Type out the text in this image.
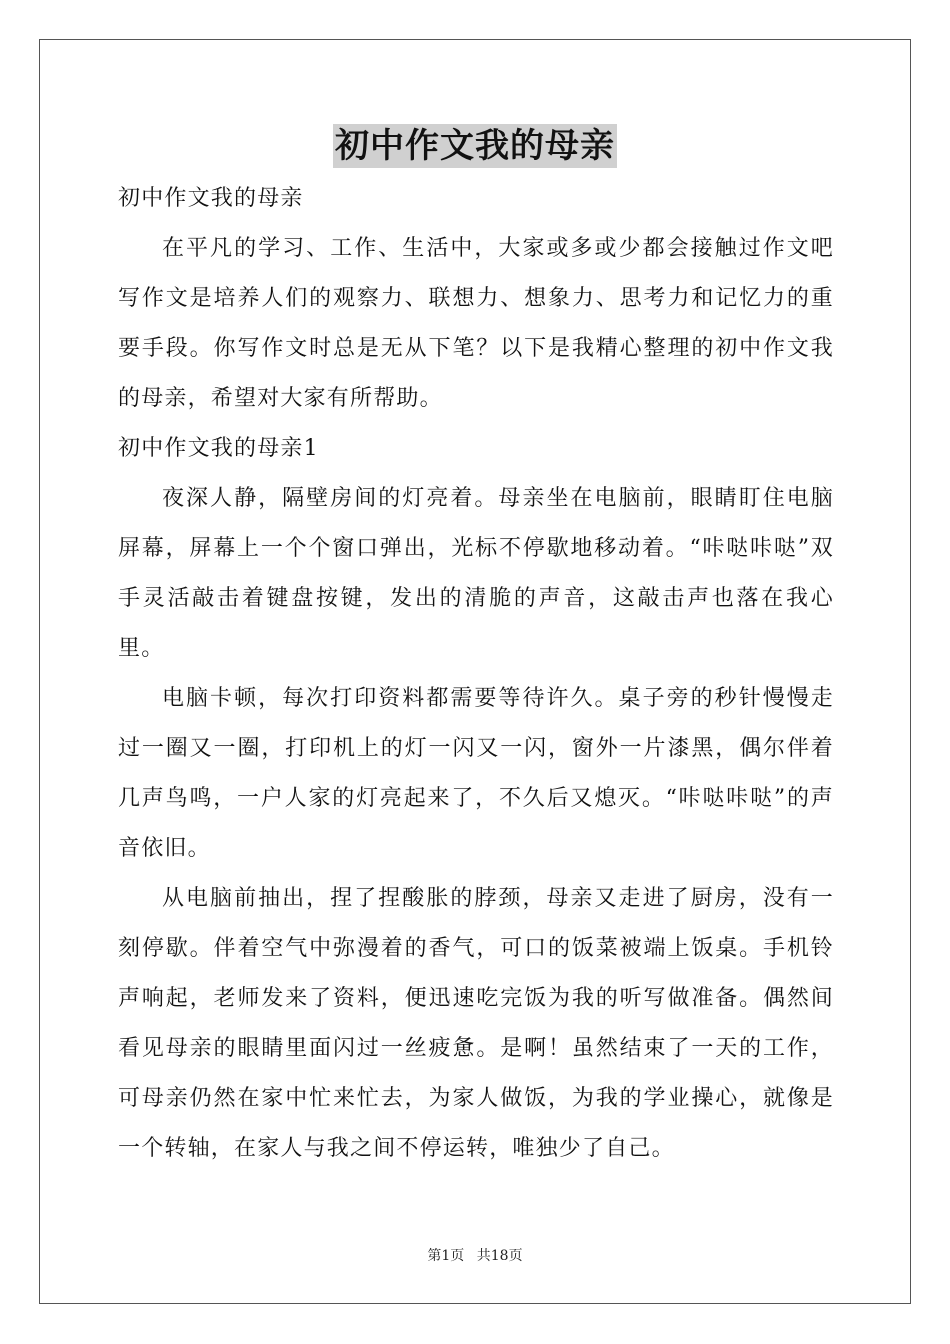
初中作文我的母亲

初中作文我的母亲

在平凡的学习、工作、生活中，大家或多或少都会接触过作文吧写作文是培养人们的观察力、联想力、想象力、思考力和记忆力的重要手段。你写作文时总是无从下笔？以下是我精心整理的初中作文我的母亲，希望对大家有所帮助。

初中作文我的母亲1

夜深人静，隔壁房间的灯亮着。母亲坐在电脑前，眼睛盯住电脑屏幕，屏幕上一个个窗口弹出，光标不停歇地移动着。“咔哒咔哒”双手灵活敲击着键盘按键，发出的清脆的声音，这敲击声也落在我心里。

电脑卡顿，每次打印资料都需要等待许久。桌子旁的秒针慢慢走过一圈又一圈，打印机上的灯一闪又一闪，窗外一片漆黑，偶尔伴着几声鸟鸣，一户人家的灯亮起来了，不久后又熄灭。“咔哒咔哒”的声音依旧。

从电脑前抽出，捏了捏酸胀的脖颈，母亲又走进了厨房，没有一刻停歇。伴着空气中弥漫着的香气，可口的饭菜被端上饭桌。手机铃声响起，老师发来了资料，便迅速吃完饭为我的听写做准备。偶然间看见母亲的眼睛里面闪过一丝疲惫。是啊！虽然结束了一天的工作，可母亲仍然在家中忙来忙去，为家人做饭，为我的学业操心，就像是一个转轴，在家人与我之间不停运转，唯独少了自己。

第1页 共18页
